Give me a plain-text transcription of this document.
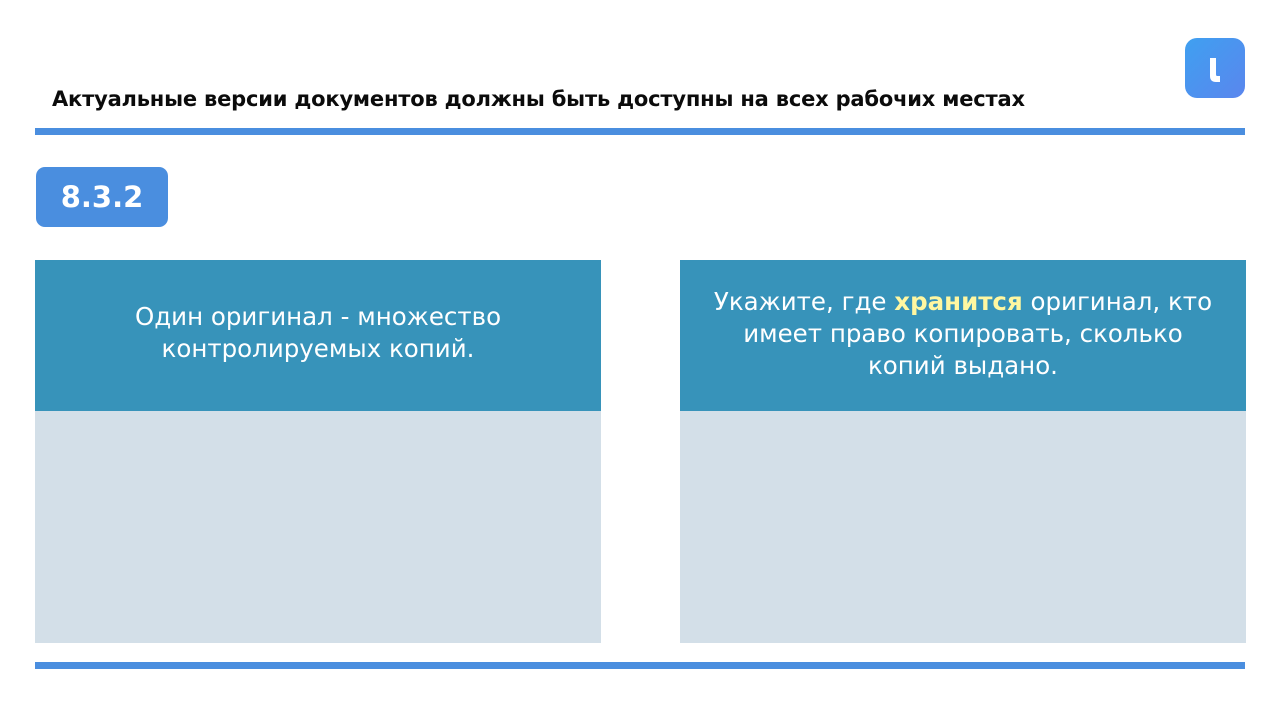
Актуальные версии документов должны быть доступны на всех рабочих местах
8.3.2
Один оригинал - множество контролируемых копий.
Укажите, где хранится оригинал, кто имеет право копировать, сколько копий выдано.
